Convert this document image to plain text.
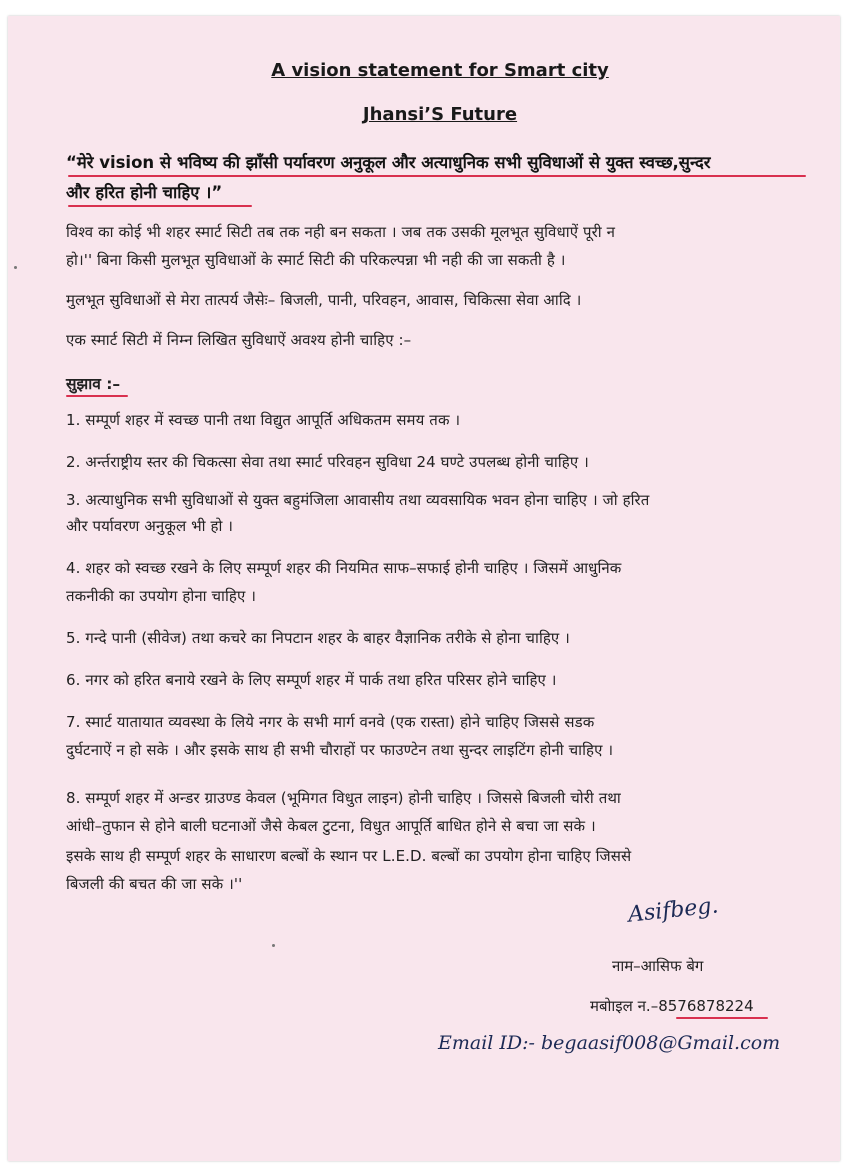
A vision statement for Smart city
Jhansi’S Future
“मेरे vision से भविष्य की झाँसी पर्यावरण अनुकूल और अत्याधुनिक सभी सुविधाओं से युक्त स्वच्छ,सुन्दर
और हरित होनी चाहिए ।”
विश्व का कोई भी शहर स्मार्ट सिटी तब तक नही बन सकता । जब तक उसकी मूलभूत सुविधाऐं पूरी न
हो।'' बिना किसी मुलभूत सुविधाओं के स्मार्ट सिटी की परिकल्पन्ना भी नही की जा सकती है ।
मुलभूत सुविधाओं से मेरा तात्पर्य जैसेः– बिजली, पानी, परिवहन, आवास, चिकित्सा सेवा आदि ।
एक स्मार्ट सिटी में निम्न लिखित सुविधाऐं अवश्य होनी चाहिए :–
सुझाव :–
1. सम्पूर्ण शहर में स्वच्छ पानी तथा विद्युत आपूर्ति अधिकतम समय तक ।
2. अर्न्तराष्ट्रीय स्तर की चिकत्सा सेवा तथा स्मार्ट परिवहन सुविधा 24 घण्टे उपलब्ध होनी चाहिए ।
3. अत्याधुनिक सभी सुविधाओं से युक्त बहुमंजिला आवासीय तथा व्यवसायिक भवन होना चाहिए । जो हरित
और पर्यावरण अनुकूल भी हो ।
4. शहर को स्वच्छ रखने के लिए सम्पूर्ण शहर की नियमित साफ–सफाई होनी चाहिए । जिसमें आधुनिक
तकनीकी का उपयोग होना चाहिए ।
5. गन्दे पानी (सीवेज) तथा कचरे का निपटान शहर के बाहर वैज्ञानिक तरीके से होना चाहिए ।
6. नगर को हरित बनाये रखने के लिए सम्पूर्ण शहर में पार्क तथा हरित परिसर होने चाहिए ।
7. स्मार्ट यातायात व्यवस्था के लिये नगर के सभी मार्ग वनवे (एक रास्ता) होने चाहिए जिससे सडक
दुर्घटनाऐं न हो सके । और इसके साथ ही सभी चौराहों पर फाउण्टेन तथा सुन्दर लाइटिंग होनी चाहिए ।
8. सम्पूर्ण शहर में अन्डर ग्राउण्ड केवल (भूमिगत विधुत लाइन) होनी चाहिए । जिससे बिजली चोरी तथा
आंधी–तुफान से होने बाली घटनाओं जैसे केबल टुटना, विधुत आपूर्ति बाधित होने से बचा जा सके ।
इसके साथ ही सम्पूर्ण शहर के साधारण बल्बों के स्थान पर L.E.D. बल्बों का उपयोग होना चाहिए जिससे
बिजली की बचत की जा सके ।''
Asifbeg.
नाम–आसिफ बेग
मबोाइल न.–8576878224
Email ID:- begaasif008@Gmail.com
